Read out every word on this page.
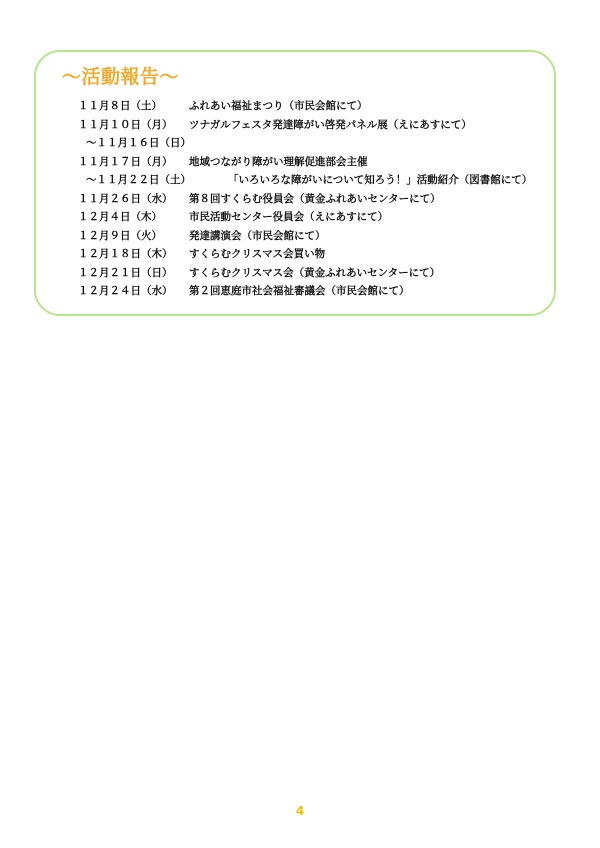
～活動報告～
１１月８日（土）	ふれあい福祉まつり（市民会館にて）
１１月１０日（月） ツナガルフェスタ発達障がい啓発パネル展（えにあすにて）
～１１月１６日（日）
１１月１７日（月） 地域つながり障がい理解促進部会主催
～１１月２２日（土）	「いろいろな障がいについて知ろう！」活動紹介（図書館にて）
１１月２６日（水） 第８回すくらむ役員会（黄金ふれあいセンターにて）
１２月４日（木）	市民活動センター役員会（えにあすにて）
１２月９日（火）	発達講演会（市民会館にて）
１２月１８日（木） すくらむクリスマス会買い物
１２月２１日（日） すくらむクリスマス会（黄金ふれあいセンターにて）
１２月２４日（水） 第２回恵庭市社会福祉審議会（市民会館にて）
4
